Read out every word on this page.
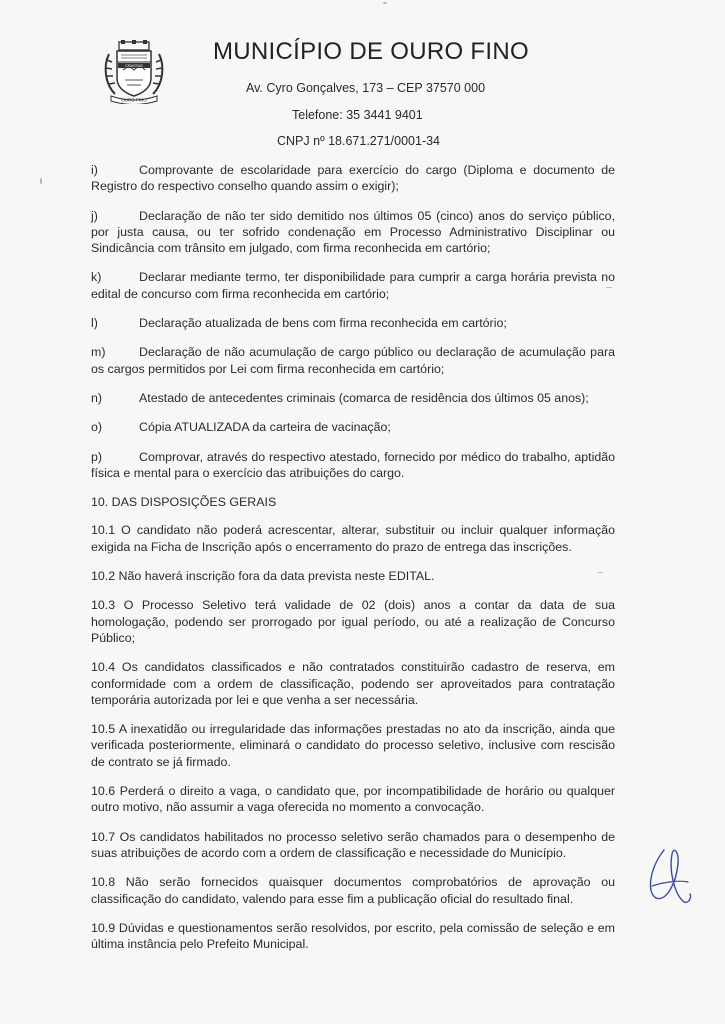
CRASTAS
OURO FINO
MUNICÍPIO DE OURO FINO
Av. Cyro Gonçalves, 173 – CEP 37570 000
Telefone: 35 3441 9401
CNPJ nº 18.671.271/0001-34

i)	Comprovante de escolaridade para exercício do cargo (Diploma e documento de Registro do respectivo conselho quando assim o exigir);

j)	Declaração de não ter sido demitido nos últimos 05 (cinco) anos do serviço público, por justa causa, ou ter sofrido condenação em Processo Administrativo Disciplinar ou Sindicância com trânsito em julgado, com firma reconhecida em cartório;

k)	Declarar mediante termo, ter disponibilidade para cumprir a carga horária prevista no edital de concurso com firma reconhecida em cartório;

l)	Declaração atualizada de bens com firma reconhecida em cartório;

m)	Declaração de não acumulação de cargo público ou declaração de acumulação para os cargos permitidos por Lei com firma reconhecida em cartório;

n)	Atestado de antecedentes criminais (comarca de residência dos últimos 05 anos);

o)	Cópia ATUALIZADA da carteira de vacinação;

p)	Comprovar, através do respectivo atestado, fornecido por médico do trabalho, aptidão física e mental para o exercício das atribuições do cargo.

10. DAS DISPOSIÇÕES GERAIS

10.1 O candidato não poderá acrescentar, alterar, substituir ou incluir qualquer informação exigida na Ficha de Inscrição após o encerramento do prazo de entrega das inscrições.

10.2 Não haverá inscrição fora da data prevista neste EDITAL.

10.3 O Processo Seletivo terá validade de 02 (dois) anos a contar da data de sua homologação, podendo ser prorrogado por igual período, ou até a realização de Concurso Público;

10.4 Os candidatos classificados e não contratados constituirão cadastro de reserva, em conformidade com a ordem de classificação, podendo ser aproveitados para contratação temporária autorizada por lei e que venha a ser necessária.

10.5 A inexatidão ou irregularidade das informações prestadas no ato da inscrição, ainda que verificada posteriormente, eliminará o candidato do processo seletivo, inclusive com rescisão de contrato se já firmado.

10.6 Perderá o direito a vaga, o candidato que, por incompatibilidade de horário ou qualquer outro motivo, não assumir a vaga oferecida no momento a convocação.

10.7 Os candidatos habilitados no processo seletivo serão chamados para o desempenho de suas atribuições de acordo com a ordem de classificação e necessidade do Município.

10.8 Não serão fornecidos quaisquer documentos comprobatórios de aprovação ou classificação do candidato, valendo para esse fim a publicação oficial do resultado final.

10.9 Dúvidas e questionamentos serão resolvidos, por escrito, pela comissão de seleção e em última instância pelo Prefeito Municipal.
